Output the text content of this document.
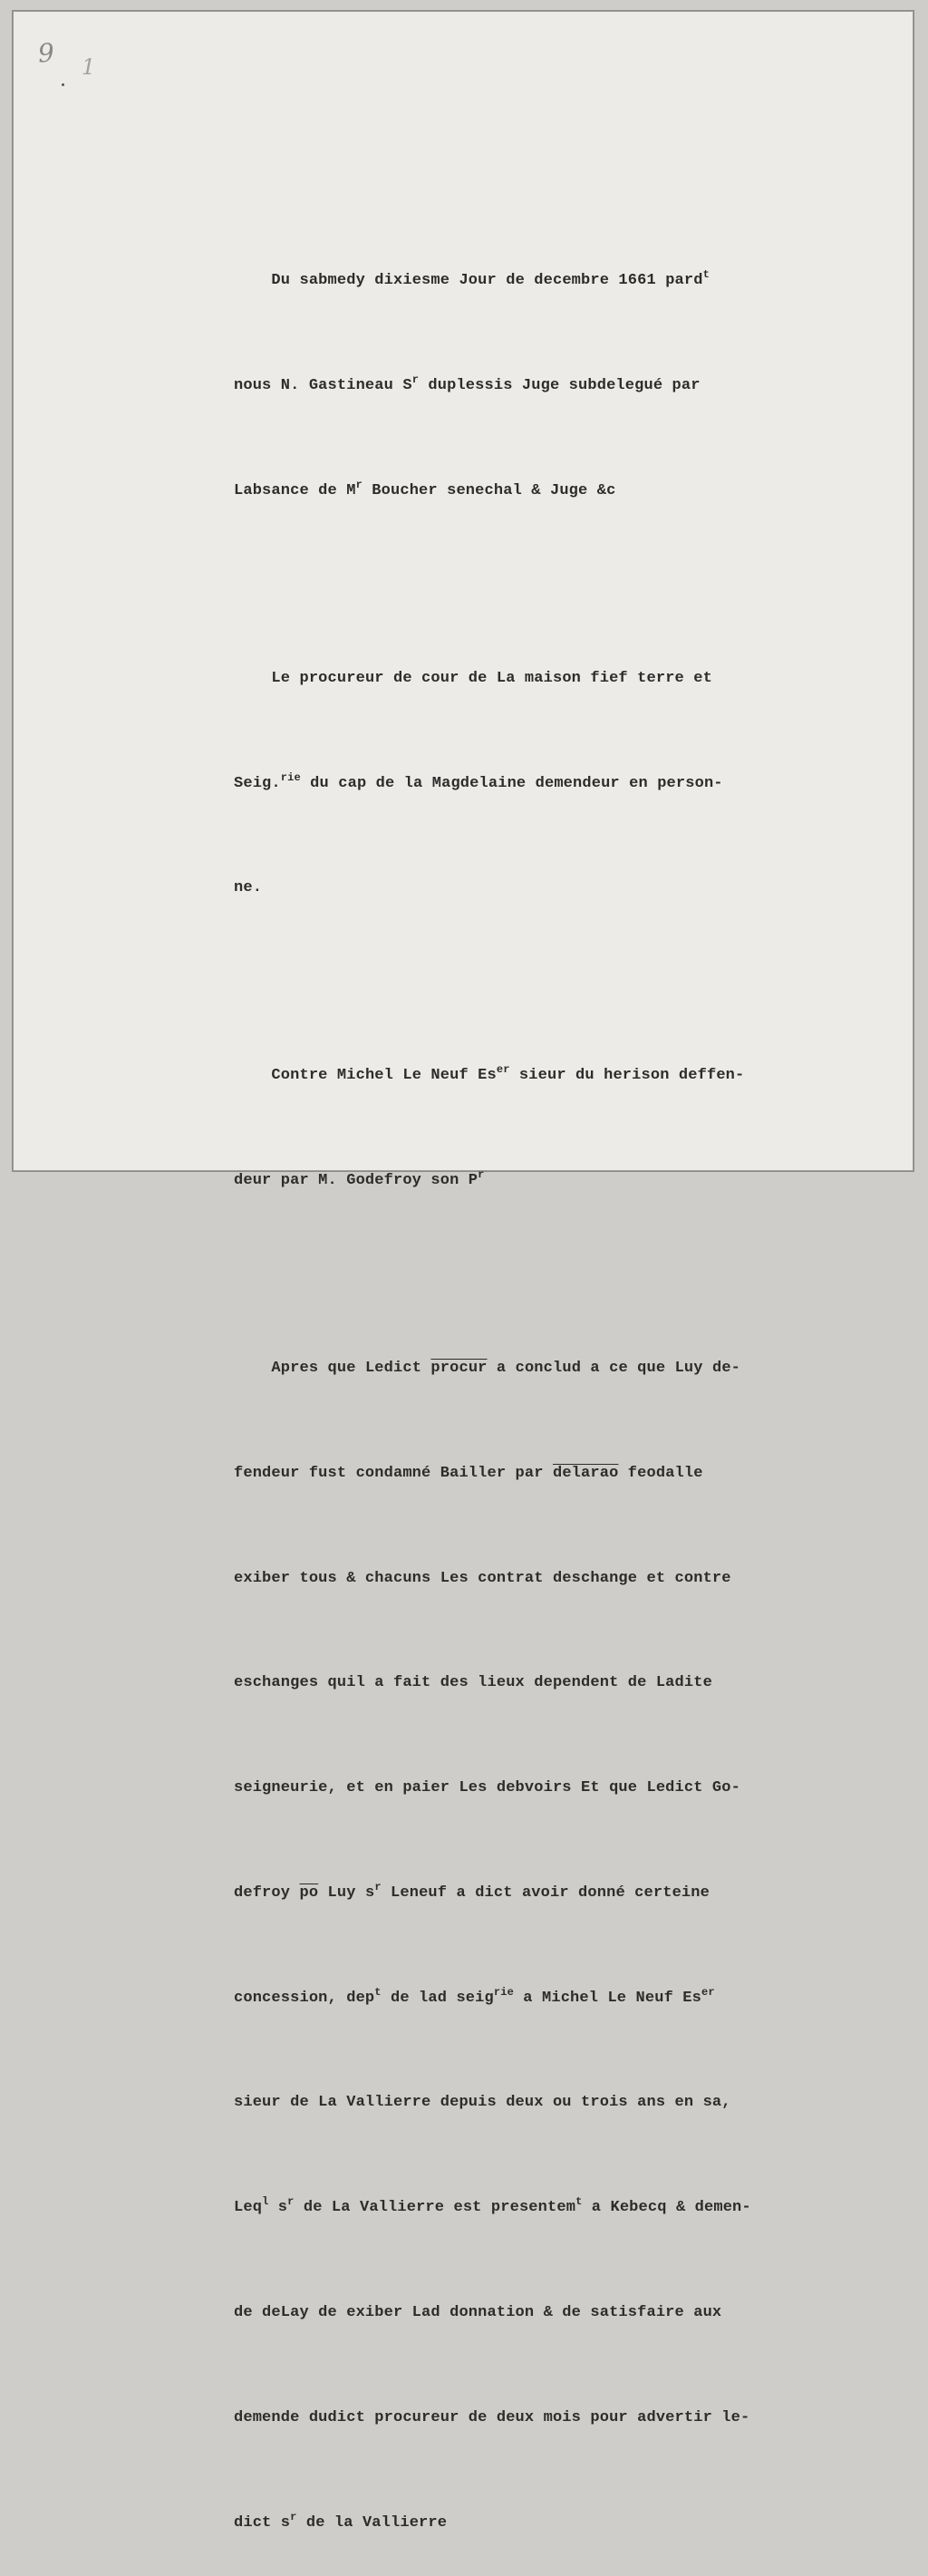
9 1

Du sabmedy dixiesme Jour de decembre 1661 pard$^t$

nous N. Gastineau $S^r$ duplessis Juge subdelegué par

Labsance de $M^r$ Boucher senechal & Juge &c

Le procureur de cour de La maison fief terre et

Seig.$^{rie}$ du cap de la Magdelaine demendeur en person-

ne.

Contre Michel Le Neuf $Es^{er}$ sieur du herison deffen-

deur par M. Godefroy son $P^r$

Apres que Ledict procur a conclud a ce que Luy de-

fendeur fust condamné Bailler par delarao feodalle

exiber tous & chacuns Les contrat deschange et contre

eschanges quil a fait des lieux dependent de Ladite

seigneurie, et en paier Les debvoirs Et que Ledict Go-

defroy $\overline{po}$ Luy $s^r$ Leneuf a dict avoir donné certeine

concession, dep$^t$ de lad seig$^{rie}$ a Michel Le Neuf $Es^{er}$

sieur de La Vallierre depuis deux ou trois ans en sa,

Leq$^l$ $s^r$ de La Vallierre est presentem$^t$ a Kebecq & demen-

de deLay de exiber Lad donnation & de satisfaire aux

demende dudict procureur de deux mois pour advertir le-

dict $s^r$ de la Vallierre
